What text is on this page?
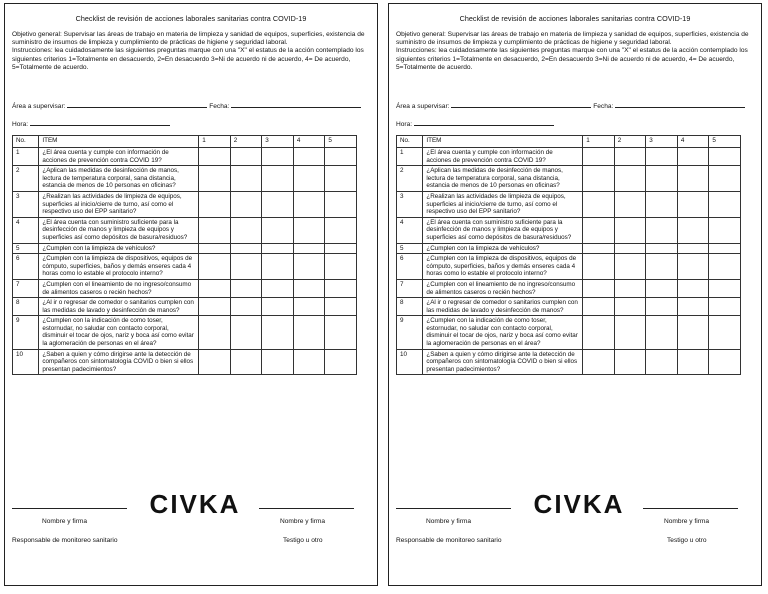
Checklist de revisión de acciones laborales sanitarias contra COVID-19

Objetivo general: Supervisar las áreas de trabajo en materia de limpieza y sanidad de equipos, superficies, existencia de suministro de insumos de limpieza y cumplimiento de prácticas de higiene y seguridad laboral.

Instrucciones: lea cuidadosamente las siguientes preguntas marque con una "X" el estatus de la acción contemplado los siguientes criterios 1=Totalmente en desacuerdo, 2=En desacuerdo 3=Ni de acuerdo ni de acuerdo, 4= De acuerdo, 5=Totalmente de acuerdo.

Área a supervisar:	Fecha:
Hora:
No.	ITEM	1	2	3	4	5
1	¿El área cuenta y cumple con información de acciones de prevención contra COVID 19?					
2	¿Aplican las medidas de desinfección de manos, lectura de temperatura corporal, sana distancia, estancia de menos de 10 personas en oficinas?					
3	¿Realizan las actividades de limpieza de equipos, superficies al inicio/cierre de turno, así como el respectivo uso del EPP sanitario?					
4	¿El área cuenta con suministro suficiente para la desinfección de manos y limpieza de equipos y superficies así como depósitos de basura/residuos?					
5	¿Cumplen con la limpieza de vehículos?					
6	¿Cumplen con la limpieza de dispositivos, equipos de cómputo, superficies, baños y demás enseres cada 4 horas como lo estable el protocolo interno?					
7	¿Cumplen con el lineamiento de no ingreso/consumo de alimentos caseros o recién hechos?					
8	¿Al ir o regresar de comedor o sanitarios cumplen con las medidas de lavado y desinfección de manos?					
9	¿Cumplen con la indicación de como toser, estornudar, no saludar con contacto corporal, disminuir el tocar de ojos, nariz y boca así como evitar la aglomeración de personas en el área?					
10	¿Saben a quien y cómo dirigirse ante la detección de compañeros con sintomatología COVID o bien si ellos presentan padecimientos?					
CIVKA
Nombre y firma	Nombre y firma
Responsable de monitoreo sanitario	Testigo u otro
Checklist de revisión de acciones laborales sanitarias contra COVID-19

Objetivo general: Supervisar las áreas de trabajo en materia de limpieza y sanidad de equipos, superficies, existencia de suministro de insumos de limpieza y cumplimiento de prácticas de higiene y seguridad laboral.

Instrucciones: lea cuidadosamente las siguientes preguntas marque con una "X" el estatus de la acción contemplado los siguientes criterios 1=Totalmente en desacuerdo, 2=En desacuerdo 3=Ni de acuerdo ni de acuerdo, 4= De acuerdo, 5=Totalmente de acuerdo.

Área a supervisar:	Fecha:
Hora:
No.	ITEM	1	2	3	4	5
1	¿El área cuenta y cumple con información de acciones de prevención contra COVID 19?					
2	¿Aplican las medidas de desinfección de manos, lectura de temperatura corporal, sana distancia, estancia de menos de 10 personas en oficinas?					
3	¿Realizan las actividades de limpieza de equipos, superficies al inicio/cierre de turno, así como el respectivo uso del EPP sanitario?					
4	¿El área cuenta con suministro suficiente para la desinfección de manos y limpieza de equipos y superficies así como depósitos de basura/residuos?					
5	¿Cumplen con la limpieza de vehículos?					
6	¿Cumplen con la limpieza de dispositivos, equipos de cómputo, superficies, baños y demás enseres cada 4 horas como lo estable el protocolo interno?					
7	¿Cumplen con el lineamiento de no ingreso/consumo de alimentos caseros o recién hechos?					
8	¿Al ir o regresar de comedor o sanitarios cumplen con las medidas de lavado y desinfección de manos?					
9	¿Cumplen con la indicación de como toser, estornudar, no saludar con contacto corporal, disminuir el tocar de ojos, nariz y boca así como evitar la aglomeración de personas en el área?					
10	¿Saben a quien y cómo dirigirse ante la detección de compañeros con sintomatología COVID o bien si ellos presentan padecimientos?					
CIVKA
Nombre y firma	Nombre y firma
Responsable de monitoreo sanitario	Testigo u otro
